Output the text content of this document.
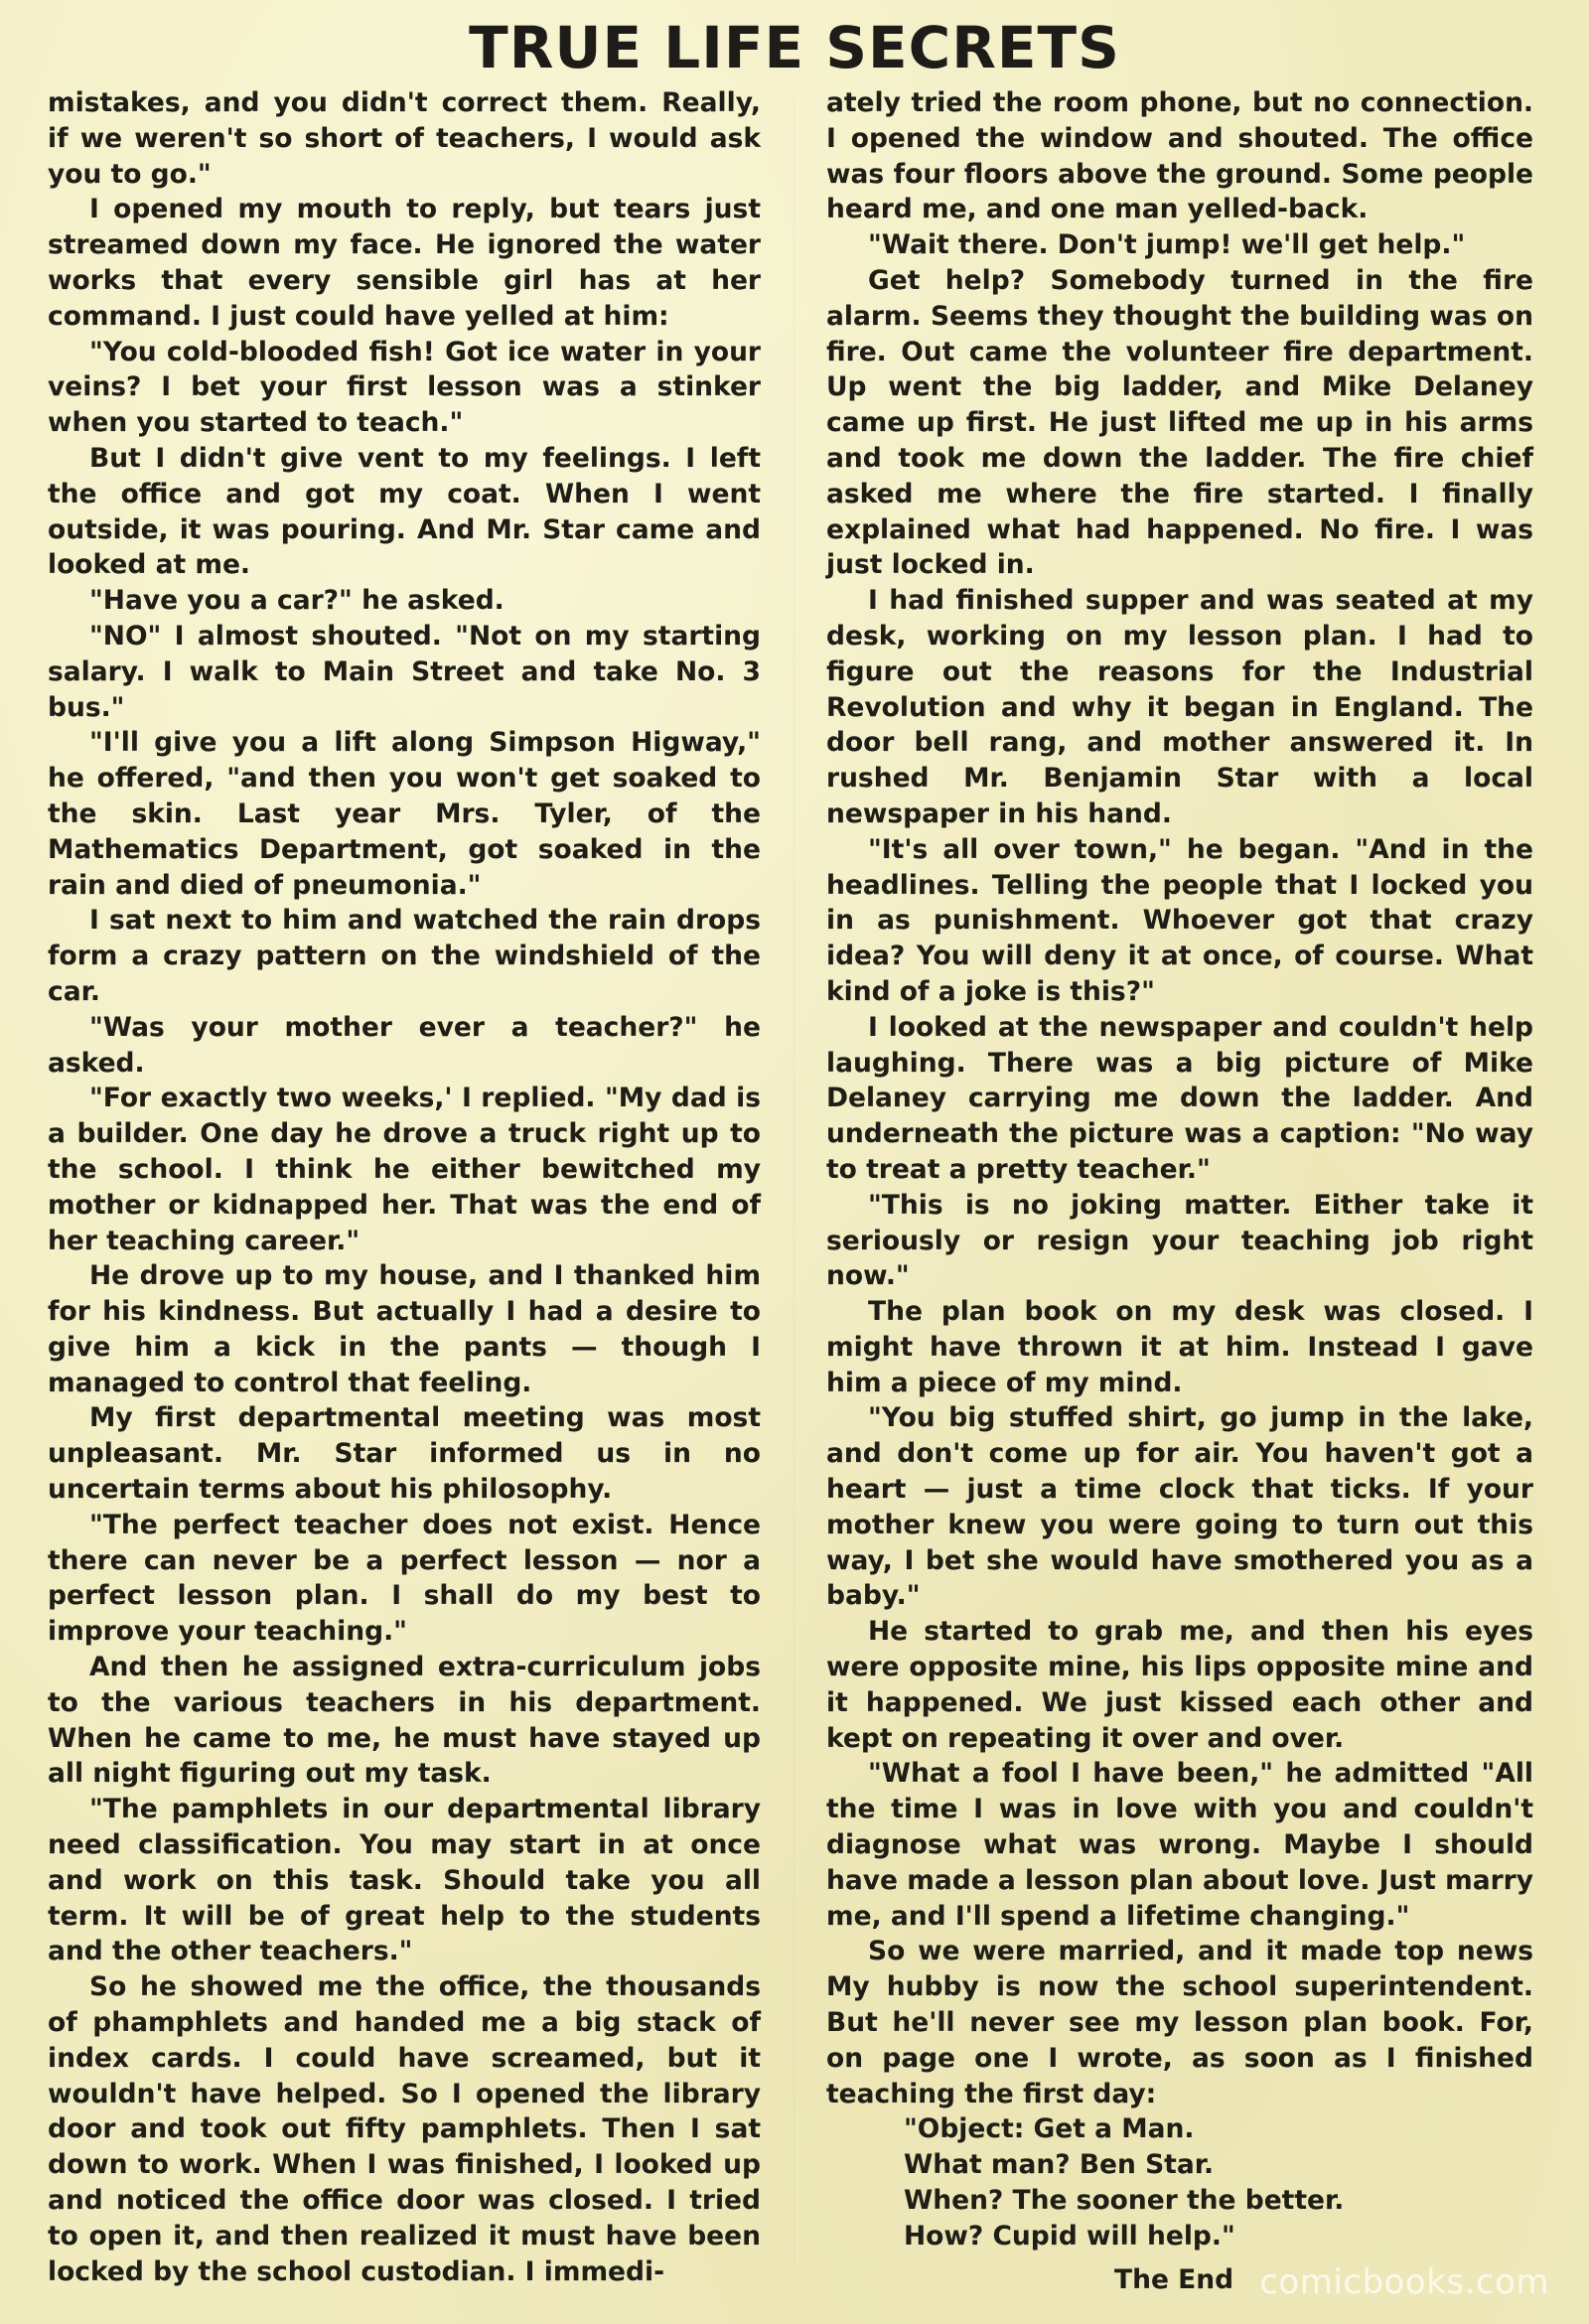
TRUE LIFE SECRETS

mistakes, and you didn't correct them. Really, if we weren't so short of teachers, I would ask you to go."

I opened my mouth to reply, but tears just streamed down my face. He ignored the water works that every sensible girl has at her command. I just could have yelled at him:

"You cold-blooded fish! Got ice water in your veins? I bet your first lesson was a stinker when you started to teach."

But I didn't give vent to my feelings. I left the office and got my coat. When I went outside, it was pouring. And Mr. Star came and looked at me.

"Have you a car?" he asked.

"NO" I almost shouted. "Not on my starting salary. I walk to Main Street and take No. 3 bus."

"I'll give you a lift along Simpson Higway," he offered, "and then you won't get soaked to the skin. Last year Mrs. Tyler, of the Mathematics Department, got soaked in the rain and died of pneumonia."

I sat next to him and watched the rain drops form a crazy pattern on the windshield of the car.

"Was your mother ever a teacher?" he asked.

"For exactly two weeks,' I replied. "My dad is a builder. One day he drove a truck right up to the school. I think he either bewitched my mother or kidnapped her. That was the end of her teaching career."

He drove up to my house, and I thanked him for his kindness. But actually I had a desire to give him a kick in the pants — though I managed to control that feeling.

My first departmental meeting was most unpleasant. Mr. Star informed us in no uncertain terms about his philosophy.

"The perfect teacher does not exist. Hence there can never be a perfect lesson — nor a perfect lesson plan. I shall do my best to improve your teaching."

And then he assigned extra-curriculum jobs to the various teachers in his department. When he came to me, he must have stayed up all night figuring out my task.

"The pamphlets in our departmental library need classification. You may start in at once and work on this task. Should take you all term. It will be of great help to the students and the other teachers."

So he showed me the office, the thousands of phamphlets and handed me a big stack of index cards. I could have screamed, but it wouldn't have helped. So I opened the library door and took out fifty pamphlets. Then I sat down to work. When I was finished, I looked up and noticed the office door was closed. I tried to open it, and then realized it must have been locked by the school custodian. I immedi-

ately tried the room phone, but no connection. I opened the window and shouted. The office was four floors above the ground. Some people heard me, and one man yelled-back.

"Wait there. Don't jump! we'll get help."

Get help? Somebody turned in the fire alarm. Seems they thought the building was on fire. Out came the volunteer fire department. Up went the big ladder, and Mike Delaney came up first. He just lifted me up in his arms and took me down the ladder. The fire chief asked me where the fire started. I finally explained what had happened. No fire. I was just locked in.

I had finished supper and was seated at my desk, working on my lesson plan. I had to figure out the reasons for the Industrial Revolution and why it began in England. The door bell rang, and mother answered it. In rushed Mr. Benjamin Star with a local newspaper in his hand.

"It's all over town," he began. "And in the headlines. Telling the people that I locked you in as punishment. Whoever got that crazy idea? You will deny it at once, of course. What kind of a joke is this?"

I looked at the newspaper and couldn't help laughing. There was a big picture of Mike Delaney carrying me down the ladder. And underneath the picture was a caption: "No way to treat a pretty teacher."

"This is no joking matter. Either take it seriously or resign your teaching job right now."

The plan book on my desk was closed. I might have thrown it at him. Instead I gave him a piece of my mind.

"You big stuffed shirt, go jump in the lake, and don't come up for air. You haven't got a heart — just a time clock that ticks. If your mother knew you were going to turn out this way, I bet she would have smothered you as a baby."

He started to grab me, and then his eyes were opposite mine, his lips opposite mine and it happened. We just kissed each other and kept on repeating it over and over.

"What a fool I have been," he admitted "All the time I was in love with you and couldn't diagnose what was wrong. Maybe I should have made a lesson plan about love. Just marry me, and I'll spend a lifetime changing."

So we were married, and it made top news My hubby is now the school superintendent. But he'll never see my lesson plan book. For, on page one I wrote, as soon as I finished teaching the first day:

"Object: Get a Man.

What man? Ben Star.

When? The sooner the better.

How? Cupid will help."

The End comicbooks.com
